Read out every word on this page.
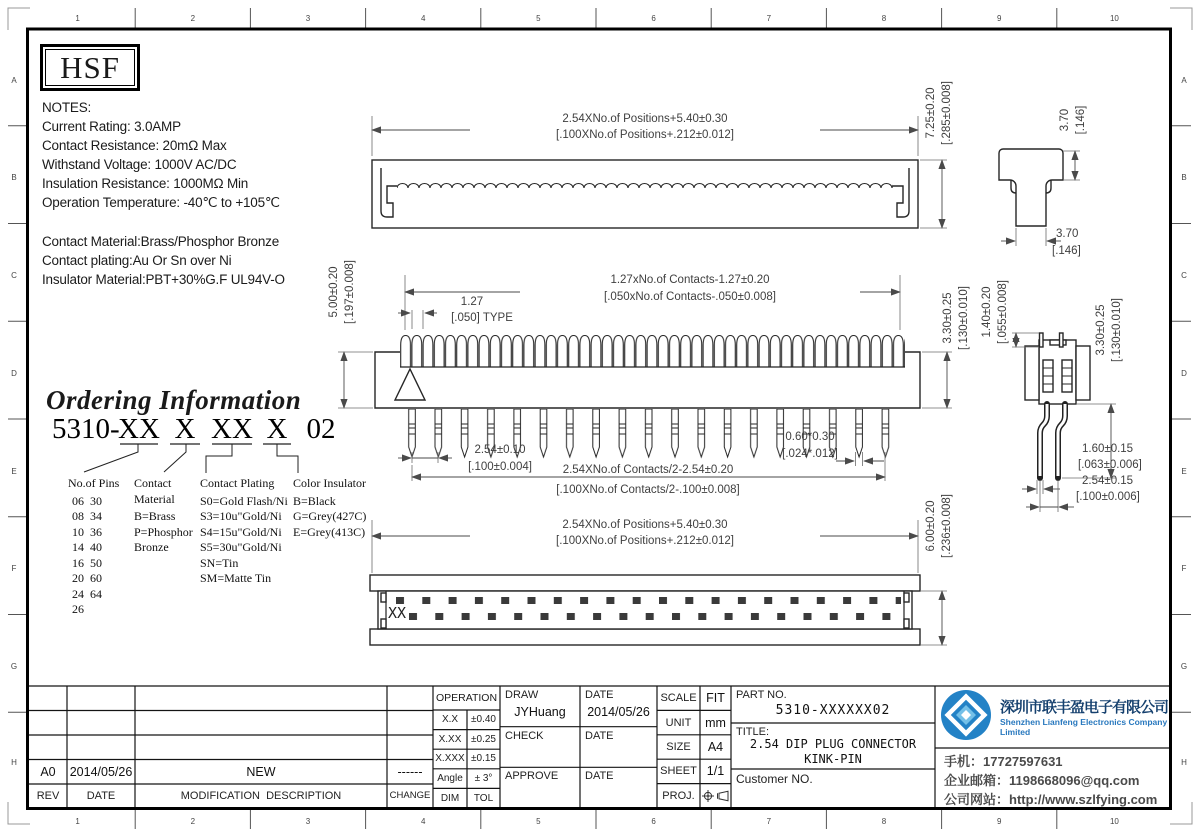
1	2	3	4	5	6	7	8	9	10
1	2	3	4	5	6	7	8	9	10
A
B
C
D
E
F
G
H
A
B
C
D
E
F
G
H
2.54XNo.of Positions+5.40±0.30
[.100XNo.of Positions+.212±0.012]	7.25±0.20 [.285±0.008]	3.70 [.146]
3.70
[.146]
1.27xNo.of Contacts-1.27±0.20
[.050xNo.of Contacts-.050±0.008]
1.27
[.050] TYPE
5.00±0.20 [.197±0.008]	3.30±0.25 [.130±0.010]
2.54±0.10
[.100±0.004]
0.60*0.30
[.024*.012]
2.54XNo.of Contacts/2-2.54±0.20
[.100XNo.of Contacts/2-.100±0.008]
1.40±0.20 [.055±0.008]	3.30±0.25 [.130±0.010]
1.60±0.15
[.063±0.006]
2.54±0.15
[.100±0.006]
2.54XNo.of Positions+5.40±0.30
[.100XNo.of Positions+.212±0.012]	6.00±0.20 [.236±0.008]
XX
HSF
NOTES:
Current Rating: 3.0AMP
Contact Resistance: 20mΩ Max
Withstand Voltage: 1000V AC/DC
Insulation Resistance: 1000MΩ Min
Operation Temperature: -40℃ to +105℃
Contact Material:Brass/Phosphor Bronze
Contact plating:Au Or Sn over Ni
Insulator Material:PBT+30%G.F UL94V-O
Ordering Information
5310-
XX X XX X 02
No.of Pins
06  30
08  34
10  36
14  40
16  50
20  60
24  64
26
Contact Material
B=Brass
P=Phosphor Bronze
Contact Plating
S0=Gold Flash/Ni
S3=10u"Gold/Ni
S4=15u"Gold/Ni
S5=30u"Gold/Ni
SN=Tin
SM=Matte Tin
Color Insulator
B=Black
G=Grey(427C)
E=Grey(413C)
A0	2014/05/26	NEW	------
REV	DATE	MODIFICATION  DESCRIPTION	CHANGE
OPERATION
X.X	±0.40
X.XX ±0.25
X.XXX ±0.15
Angle	± 3°
DIM	TOL
DRAW
JYHuang
DATE
2014/05/26
CHECK	DATE
APPROVE DATE
SCALE FIT
UNIT	mm
SIZE	A4
SHEET 1/1
PROJ.
PART NO.
5310-XXXXXX02
TITLE:
2.54 DIP PLUG CONNECTOR
KINK-PIN
Customer NO.
深圳市联丰盈电子有限公司
Shenzhen Lianfeng Electronics Company Limited
手机：17727597631
企业邮箱：1198668096@qq.com
公司网站：http://www.szlfying.com
